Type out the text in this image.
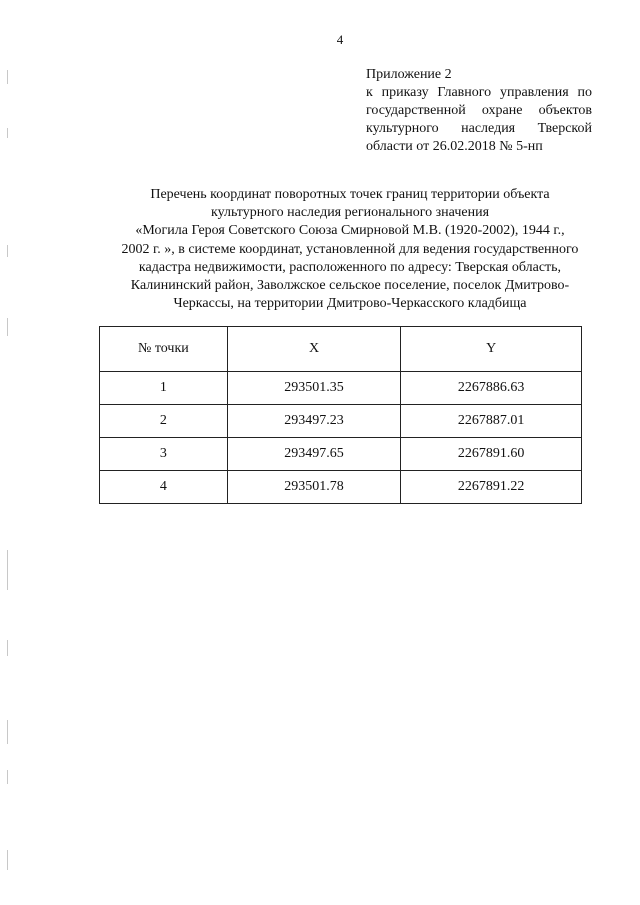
4
Приложение 2
к приказу Главного управления по
государственной охране объектов
культурного наследия Тверской
области от 26.02.2018 № 5-нп
Перечень координат поворотных точек границ территории объекта
культурного наследия регионального значения
«Могила Героя Советского Союза Смирновой М.В. (1920-2002), 1944 г.,
2002 г. », в системе координат, установленной для ведения государственного
кадастра недвижимости, расположенного по адресу: Тверская область,
Калининский район, Заволжское сельское поселение, поселок Дмитрово-
Черкассы, на территории Дмитрово-Черкасского кладбища
№ точки	X	Y
1	293501.35	2267886.63
2	293497.23	2267887.01
3	293497.65	2267891.60
4	293501.78	2267891.22
